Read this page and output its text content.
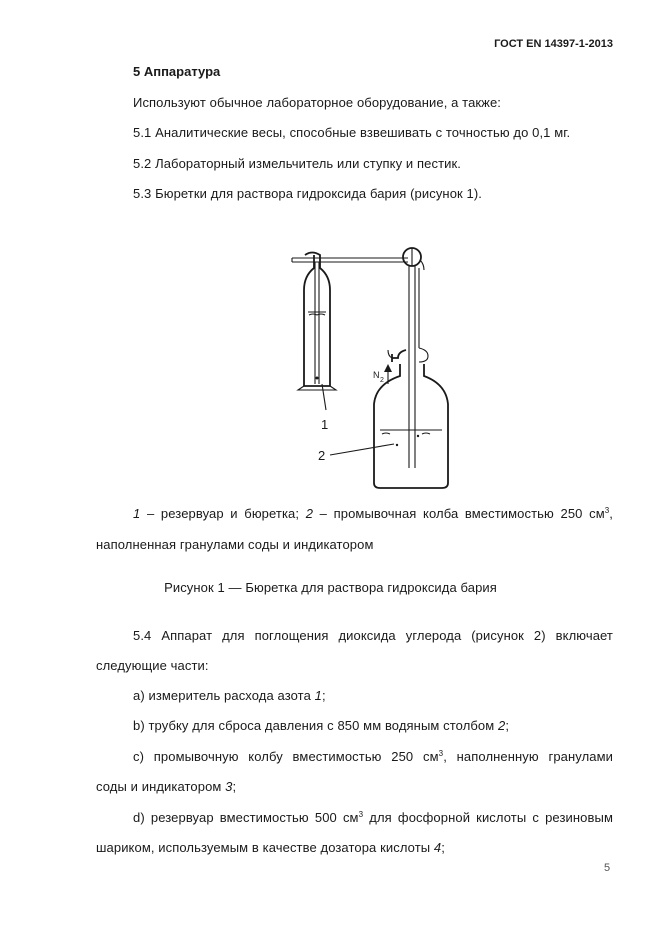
ГОСТ EN 14397-1-2013
5 Аппаратура
Используют обычное лабораторное оборудование, а также:
5.1 Аналитические весы, способные взвешивать с точностью до 0,1 мг.
5.2 Лабораторный измельчитель или ступку и пестик.
5.3 Бюретки для раствора гидроксида бария (рисунок 1).
N
2
1
2
1 – резервуар и бюретка; 2 – промывочная колба вместимостью 250 $см^3$,
наполненная гранулами соды и индикатором
Рисунок 1 — Бюретка для раствора гидроксида бария
5.4 Аппарат для поглощения диоксида углерода (рисунок 2) включает
следующие части:
a) измеритель расхода азота 1;
b) трубку для сброса давления с 850 мм водяным столбом 2;
c) промывочную колбу вместимостью 250 $см^3$, наполненную гранулами
соды и индикатором 3;
d) резервуар вместимостью 500 $см^3$ для фосфорной кислоты с резиновым
шариком, используемым в качестве дозатора кислоты 4;
5
